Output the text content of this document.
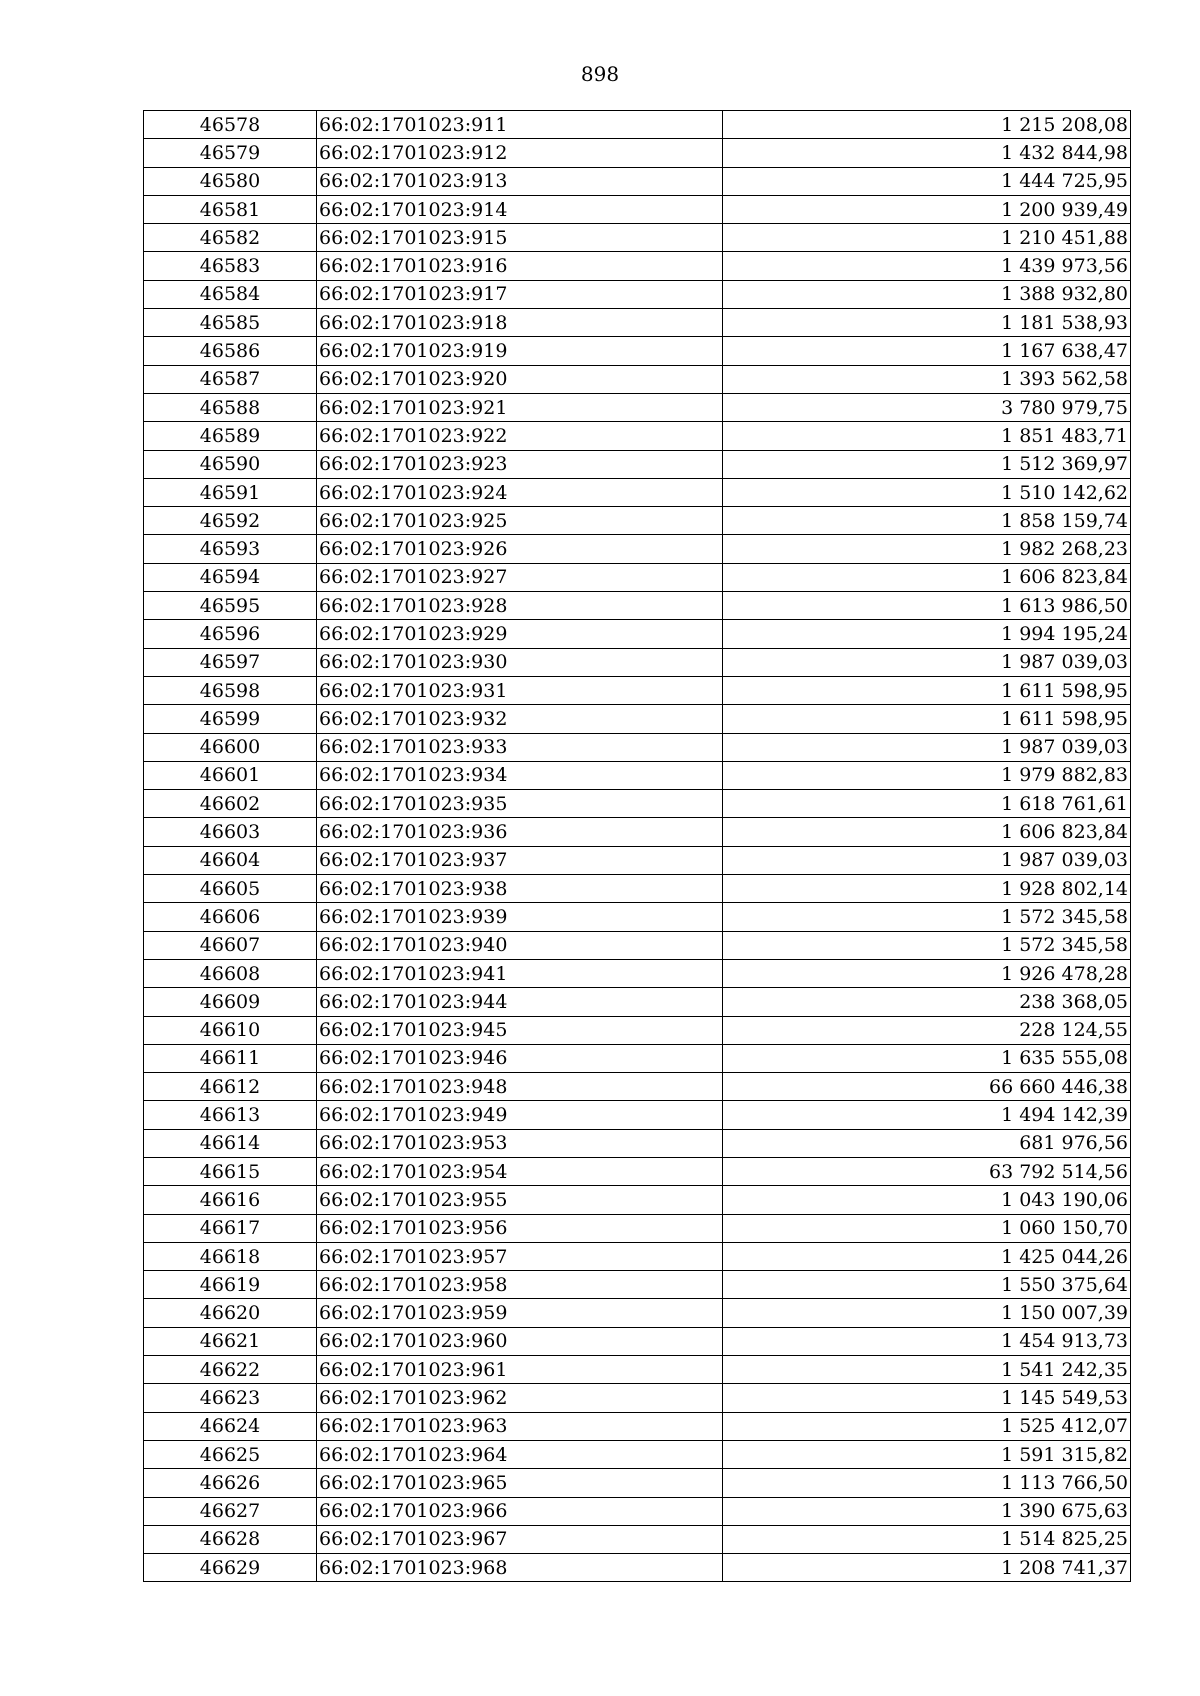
898
46578	66:02:1701023:911	1 215 208,08
46579	66:02:1701023:912	1 432 844,98
46580	66:02:1701023:913	1 444 725,95
46581	66:02:1701023:914	1 200 939,49
46582	66:02:1701023:915	1 210 451,88
46583	66:02:1701023:916	1 439 973,56
46584	66:02:1701023:917	1 388 932,80
46585	66:02:1701023:918	1 181 538,93
46586	66:02:1701023:919	1 167 638,47
46587	66:02:1701023:920	1 393 562,58
46588	66:02:1701023:921	3 780 979,75
46589	66:02:1701023:922	1 851 483,71
46590	66:02:1701023:923	1 512 369,97
46591	66:02:1701023:924	1 510 142,62
46592	66:02:1701023:925	1 858 159,74
46593	66:02:1701023:926	1 982 268,23
46594	66:02:1701023:927	1 606 823,84
46595	66:02:1701023:928	1 613 986,50
46596	66:02:1701023:929	1 994 195,24
46597	66:02:1701023:930	1 987 039,03
46598	66:02:1701023:931	1 611 598,95
46599	66:02:1701023:932	1 611 598,95
46600	66:02:1701023:933	1 987 039,03
46601	66:02:1701023:934	1 979 882,83
46602	66:02:1701023:935	1 618 761,61
46603	66:02:1701023:936	1 606 823,84
46604	66:02:1701023:937	1 987 039,03
46605	66:02:1701023:938	1 928 802,14
46606	66:02:1701023:939	1 572 345,58
46607	66:02:1701023:940	1 572 345,58
46608	66:02:1701023:941	1 926 478,28
46609	66:02:1701023:944	238 368,05
46610	66:02:1701023:945	228 124,55
46611	66:02:1701023:946	1 635 555,08
46612	66:02:1701023:948	66 660 446,38
46613	66:02:1701023:949	1 494 142,39
46614	66:02:1701023:953	681 976,56
46615	66:02:1701023:954	63 792 514,56
46616	66:02:1701023:955	1 043 190,06
46617	66:02:1701023:956	1 060 150,70
46618	66:02:1701023:957	1 425 044,26
46619	66:02:1701023:958	1 550 375,64
46620	66:02:1701023:959	1 150 007,39
46621	66:02:1701023:960	1 454 913,73
46622	66:02:1701023:961	1 541 242,35
46623	66:02:1701023:962	1 145 549,53
46624	66:02:1701023:963	1 525 412,07
46625	66:02:1701023:964	1 591 315,82
46626	66:02:1701023:965	1 113 766,50
46627	66:02:1701023:966	1 390 675,63
46628	66:02:1701023:967	1 514 825,25
46629	66:02:1701023:968	1 208 741,37
